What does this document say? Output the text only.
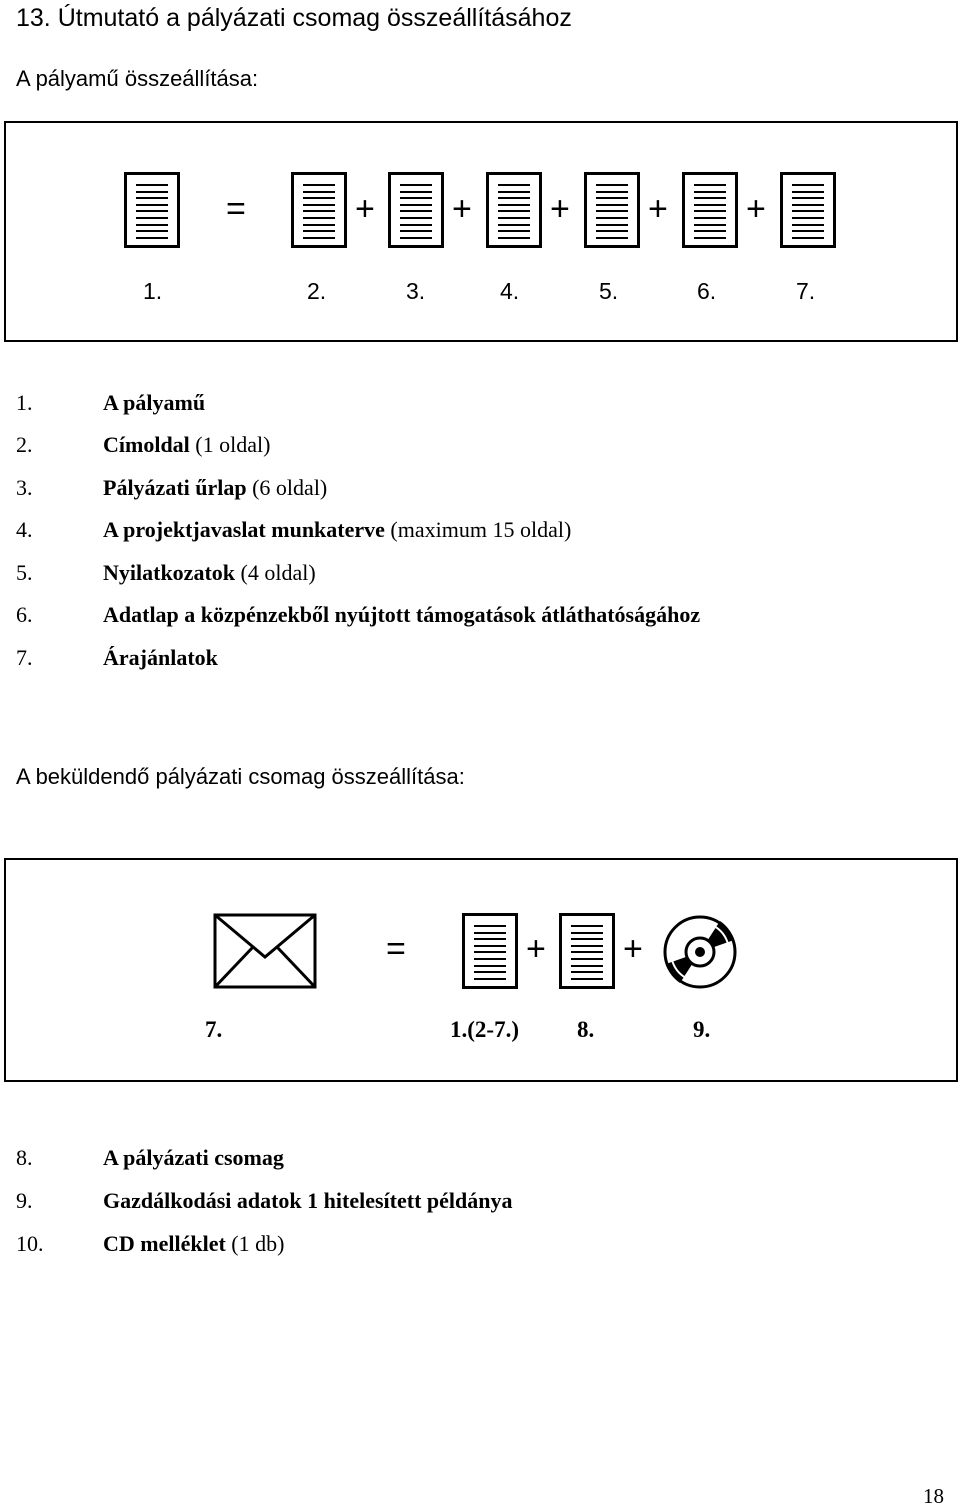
13. Útmutató a pályázati csomag összeállításához
A pályamű összeállítása:
=	+ + + + +
1.	2.	3.	4.	5.	6.	7.
1.	A pályamű
2.	Címoldal (1 oldal)
3.	Pályázati űrlap (6 oldal)
4.	A projektjavaslat munkaterve (maximum 15 oldal)
5.	Nyilatkozatok (4 oldal)
6.	Adatlap a közpénzekből nyújtott támogatások átláthatóságához
7.	Árajánlatok
A beküldendő pályázati csomag összeállítása:
=	+ +
7.	1.(2-7.)	8.	9.
8.	A pályázati csomag
9.	Gazdálkodási adatok 1 hitelesített példánya
10.	CD melléklet (1 db)
18
